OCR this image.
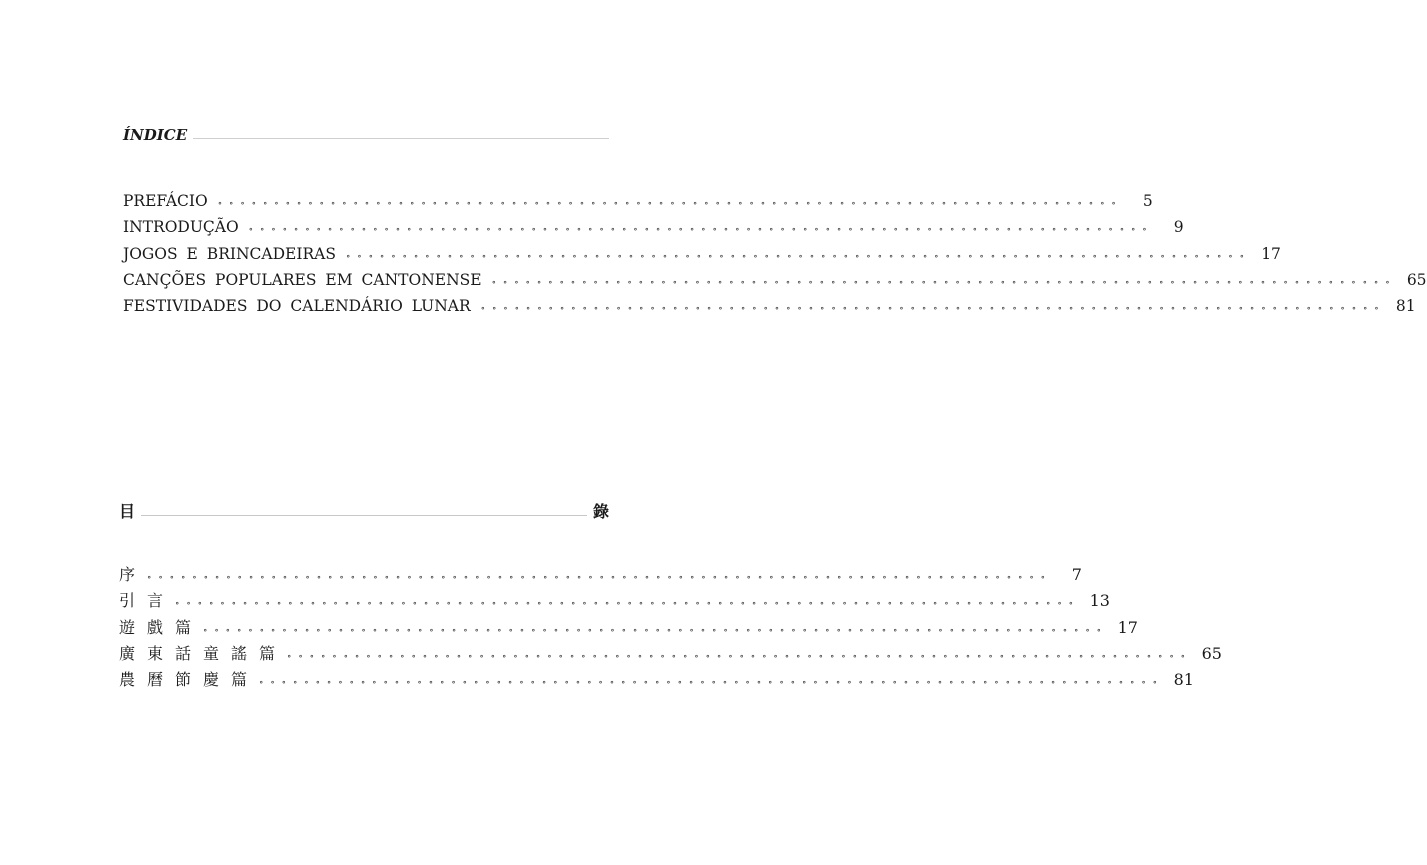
ÍNDICE
PREFÁCIO	∘∘∘∘∘∘∘∘∘∘∘∘∘∘∘∘∘∘∘∘∘∘∘∘∘∘∘∘∘∘∘∘∘∘∘∘∘∘∘∘∘∘∘∘∘∘∘∘∘∘∘∘∘∘∘∘∘∘∘∘∘∘∘∘∘∘∘∘∘∘∘∘∘∘∘∘∘∘∘∘	5
INTRODUÇÃO	∘∘∘∘∘∘∘∘∘∘∘∘∘∘∘∘∘∘∘∘∘∘∘∘∘∘∘∘∘∘∘∘∘∘∘∘∘∘∘∘∘∘∘∘∘∘∘∘∘∘∘∘∘∘∘∘∘∘∘∘∘∘∘∘∘∘∘∘∘∘∘∘∘∘∘∘∘∘∘∘	9
JOGOS E BRINCADEIRAS	∘∘∘∘∘∘∘∘∘∘∘∘∘∘∘∘∘∘∘∘∘∘∘∘∘∘∘∘∘∘∘∘∘∘∘∘∘∘∘∘∘∘∘∘∘∘∘∘∘∘∘∘∘∘∘∘∘∘∘∘∘∘∘∘∘∘∘∘∘∘∘∘∘∘∘∘∘∘∘∘ 17
CANÇÕES POPULARES EM CANTONENSE	∘∘∘∘∘∘∘∘∘∘∘∘∘∘∘∘∘∘∘∘∘∘∘∘∘∘∘∘∘∘∘∘∘∘∘∘∘∘∘∘∘∘∘∘∘∘∘∘∘∘∘∘∘∘∘∘∘∘∘∘∘∘∘∘∘∘∘∘∘∘∘∘∘∘∘∘∘∘∘∘ 65
FESTIVIDADES DO CALENDÁRIO LUNAR	∘∘∘∘∘∘∘∘∘∘∘∘∘∘∘∘∘∘∘∘∘∘∘∘∘∘∘∘∘∘∘∘∘∘∘∘∘∘∘∘∘∘∘∘∘∘∘∘∘∘∘∘∘∘∘∘∘∘∘∘∘∘∘∘∘∘∘∘∘∘∘∘∘∘∘∘∘∘∘∘ 81
目	錄
序 ∘∘∘∘∘∘∘∘∘∘∘∘∘∘∘∘∘∘∘∘∘∘∘∘∘∘∘∘∘∘∘∘∘∘∘∘∘∘∘∘∘∘∘∘∘∘∘∘∘∘∘∘∘∘∘∘∘∘∘∘∘∘∘∘∘∘∘∘∘∘∘∘∘∘∘∘∘∘∘∘	7
引言 ∘∘∘∘∘∘∘∘∘∘∘∘∘∘∘∘∘∘∘∘∘∘∘∘∘∘∘∘∘∘∘∘∘∘∘∘∘∘∘∘∘∘∘∘∘∘∘∘∘∘∘∘∘∘∘∘∘∘∘∘∘∘∘∘∘∘∘∘∘∘∘∘∘∘∘∘∘∘∘∘ 13
遊戲篇 ∘∘∘∘∘∘∘∘∘∘∘∘∘∘∘∘∘∘∘∘∘∘∘∘∘∘∘∘∘∘∘∘∘∘∘∘∘∘∘∘∘∘∘∘∘∘∘∘∘∘∘∘∘∘∘∘∘∘∘∘∘∘∘∘∘∘∘∘∘∘∘∘∘∘∘∘∘∘∘∘ 17
廣東話童謠篇 ∘∘∘∘∘∘∘∘∘∘∘∘∘∘∘∘∘∘∘∘∘∘∘∘∘∘∘∘∘∘∘∘∘∘∘∘∘∘∘∘∘∘∘∘∘∘∘∘∘∘∘∘∘∘∘∘∘∘∘∘∘∘∘∘∘∘∘∘∘∘∘∘∘∘∘∘∘∘∘∘ 65
農曆節慶篇 ∘∘∘∘∘∘∘∘∘∘∘∘∘∘∘∘∘∘∘∘∘∘∘∘∘∘∘∘∘∘∘∘∘∘∘∘∘∘∘∘∘∘∘∘∘∘∘∘∘∘∘∘∘∘∘∘∘∘∘∘∘∘∘∘∘∘∘∘∘∘∘∘∘∘∘∘∘∘∘∘ 81
